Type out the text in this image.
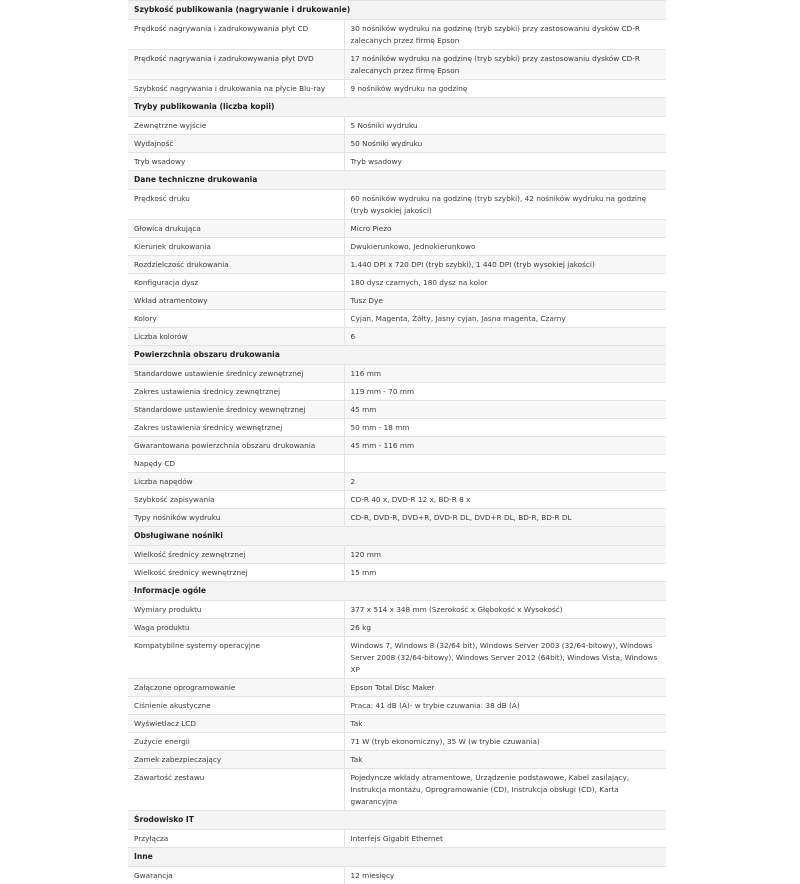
Szybkość publikowania (nagrywanie i drukowanie)	
Prędkość nagrywania i zadrukowywania płyt CD	30 nośników wydruku na godzinę (tryb szybki) przy zastosowaniu dysków CD-R zalecanych przez firmę Epson
Prędkość nagrywania i zadrukowywania płyt DVD	17 nośników wydruku na godzinę (tryb szybki) przy zastosowaniu dysków CD-R zalecanych przez firmę Epson
Szybkość nagrywania i drukowania na płycie Blu-ray	9 nośników wydruku na godzinę
Tryby publikowania (liczba kopii)	
Zewnętrzne wyjście	5 Nośniki wydruku
Wydajność	50 Nośniki wydruku
Tryb wsadowy	Tryb wsadowy
Dane techniczne drukowania	
Prędkość druku	60 nośników wydruku na godzinę (tryb szybki), 42 nośników wydruku na godzinę (tryb wysokiej jakości)
Głowica drukująca	Micro Piezo
Kierunek drukowania	Dwukierunkowo, Jednokierunkowo
Rozdzielczość drukowania	1.440 DPI x 720 DPI (tryb szybki), 1 440 DPI (tryb wysokiej jakości)
Konfiguracja dysz	180 dysz czarnych, 180 dysz na kolor
Wkład atramentowy	Tusz Dye
Kolory	Cyjan, Magenta, Żółty, Jasny cyjan, Jasna magenta, Czarny
Liczba kolorów	6
Powierzchnia obszaru drukowania	
Standardowe ustawienie średnicy zewnętrznej	116 mm
Zakres ustawienia średnicy zewnętrznej	119 mm - 70 mm
Standardowe ustawienie średnicy wewnętrznej	45 mm
Zakres ustawienia średnicy wewnętrznej	50 mm - 18 mm
Gwarantowana powierzchnia obszaru drukowania	45 mm - 116 mm
Napędy CD	
Liczba napędów	2
Szybkość zapisywania	CD-R 40 x, DVD-R 12 x, BD-R 8 x
Typy nośników wydruku	CD-R, DVD-R, DVD+R, DVD-R DL, DVD+R DL, BD-R, BD-R DL
Obsługiwane nośniki	
Wielkość średnicy zewnętrznej	120 mm
Wielkość średnicy wewnętrznej	15 mm
Informacje ogóle	
Wymiary produktu	377 x 514 x 348 mm (Szerokość x Głębokość x Wysokość)
Waga produktu	26 kg
Kompatybilne systemy operacyjne	Windows 7, Windows 8 (32/64 bit), Windows Server 2003 (32/64-bitowy), Windows Server 2008 (32/64-bitowy), Windows Server 2012 (64bit), Windows Vista, Windows XP
Załączone oprogramowanie	Epson Total Disc Maker
Ciśnienie akustyczne	Praca: 41 dB (A)- w trybie czuwania: 38 dB (A)
Wyświetlacz LCD	Tak
Zużycie energii	71 W (tryb ekonomiczny), 35 W (w trybie czuwania)
Zamek zabezpieczający	Tak
Zawartość zestawu	Pojedyncze wkłady atramentowe, Urządzenie podstawowe, Kabel zasilający, Instrukcja montażu, Oprogramowanie (CD), Instrukcja obsługi (CD), Karta gwarancyjna
Środowisko IT	
Przyłącza	Interfejs Gigabit Ethernet
Inne	
Gwarancja	12 miesięcy
